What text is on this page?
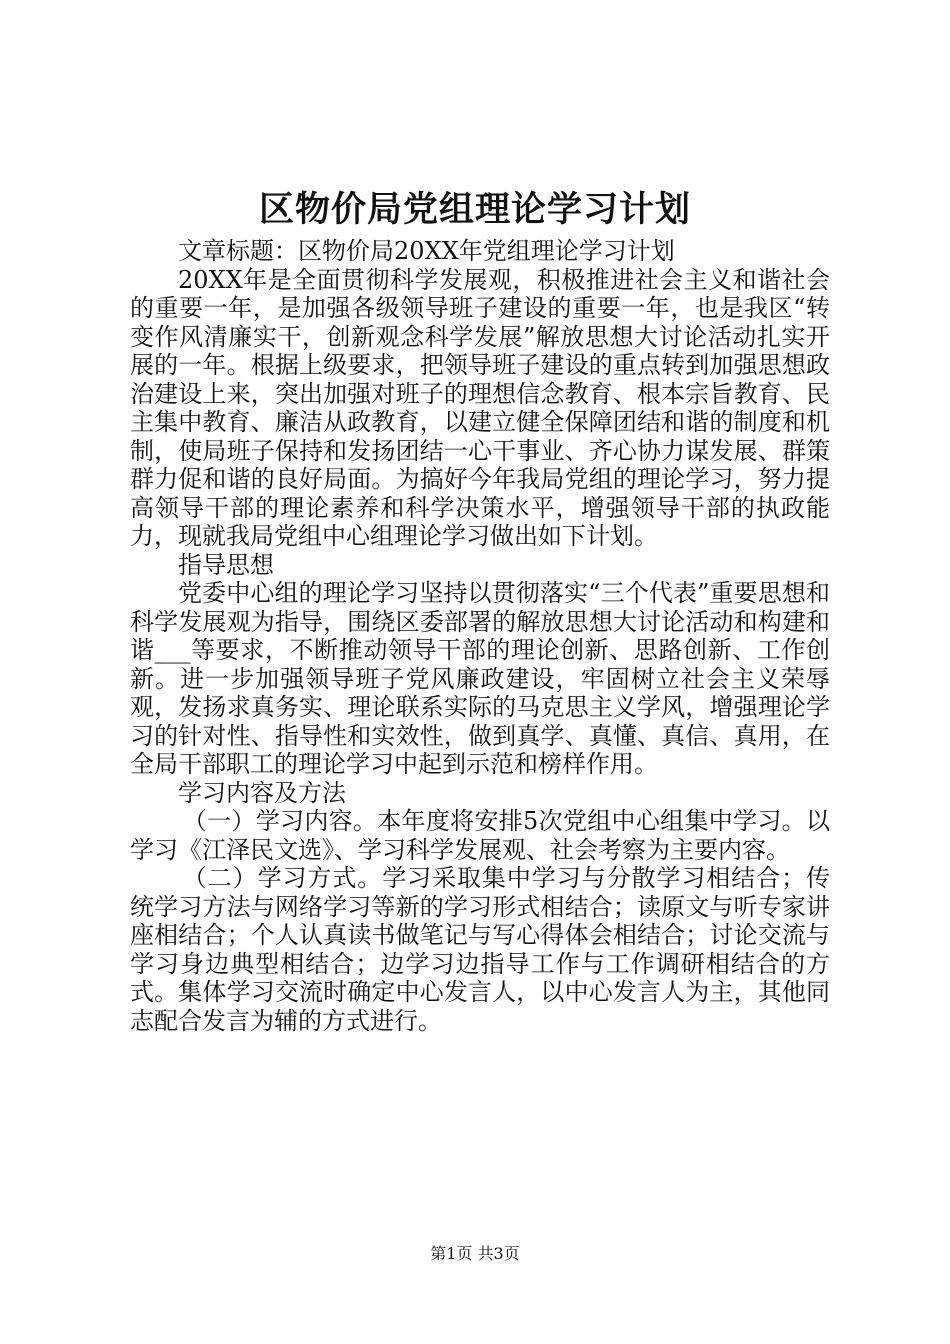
区物价局党组理论学习计划

文章标题：区物价局20XX年党组理论学习计划

20XX年是全面贯彻科学发展观，积极推进社会主义和谐社会的重要一年，是加强各级领导班子建设的重要一年，也是我区“转变作风清廉实干，创新观念科学发展”解放思想大讨论活动扎实开展的一年。根据上级要求，把领导班子建设的重点转到加强思想政治建设上来，突出加强对班子的理想信念教育、根本宗旨教育、民主集中教育、廉洁从政教育，以建立健全保障团结和谐的制度和机制，使局班子保持和发扬团结一心干事业、齐心协力谋发展、群策群力促和谐的良好局面。为搞好今年我局党组的理论学习，努力提高领导干部的理论素养和科学决策水平，增强领导干部的执政能力，现就我局党组中心组理论学习做出如下计划。

指导思想

党委中心组的理论学习坚持以贯彻落实“三个代表”重要思想和科学发展观为指导，围绕区委部署的解放思想大讨论活动和构建和谐___等要求，不断推动领导干部的理论创新、思路创新、工作创新。进一步加强领导班子党风廉政建设，牢固树立社会主义荣辱观，发扬求真务实、理论联系实际的马克思主义学风，增强理论学习的针对性、指导性和实效性，做到真学、真懂、真信、真用，在全局干部职工的理论学习中起到示范和榜样作用。

学习内容及方法

（一）学习内容。本年度将安排5次党组中心组集中学习。以学习《江泽民文选》、学习科学发展观、社会考察为主要内容。

（二）学习方式。学习采取集中学习与分散学习相结合；传统学习方法与网络学习等新的学习形式相结合；读原文与听专家讲座相结合；个人认真读书做笔记与写心得体会相结合；讨论交流与学习身边典型相结合；边学习边指导工作与工作调研相结合的方式。集体学习交流时确定中心发言人，以中心发言人为主，其他同志配合发言为辅的方式进行。

第1页 共3页
